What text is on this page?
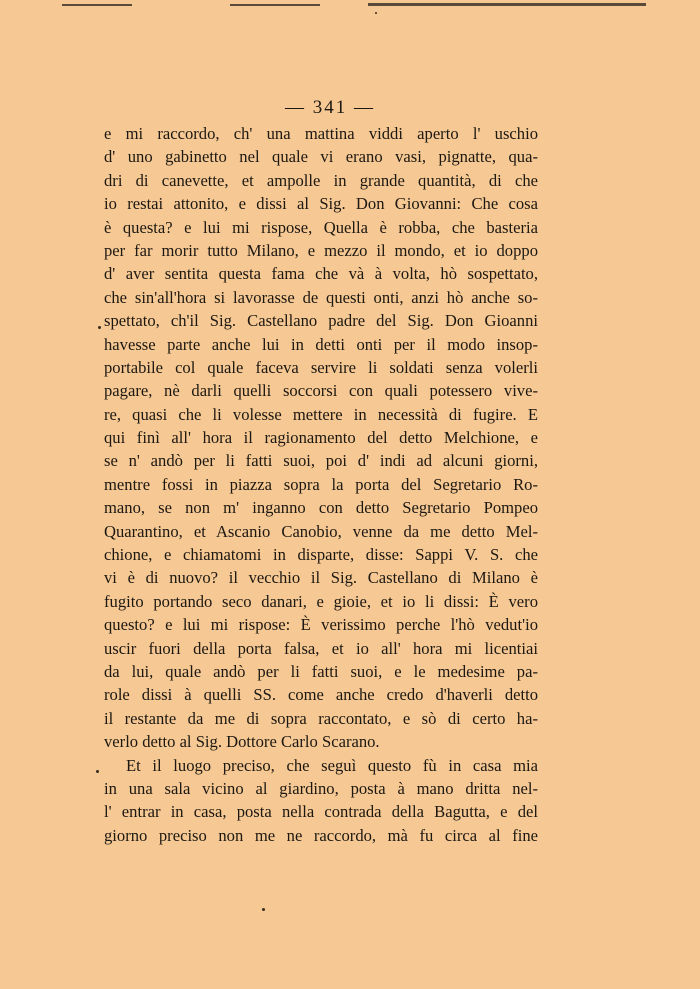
— 341 —
e mi raccordo, ch' una mattina viddi aperto l' uschio
d' uno gabinetto nel quale vi erano vasi, pignatte, qua-
dri di canevette, et ampolle in grande quantità, di che
io restai attonito, e dissi al Sig. Don Giovanni: Che cosa
è questa? e lui mi rispose, Quella è robba, che basteria
per far morir tutto Milano, e mezzo il mondo, et io doppo
d' aver sentita questa fama che và à volta, hò sospettato,
che sin'all'hora si lavorasse de questi onti, anzi hò anche so-
spettato, ch'il Sig. Castellano padre del Sig. Don Gioanni
havesse parte anche lui in detti onti per il modo insop-
portabile col quale faceva servire li soldati senza volerli
pagare, nè darli quelli soccorsi con quali potessero vive-
re, quasi che li volesse mettere in necessità di fugire. E
qui finì all' hora il ragionamento del detto Melchione, e
se n' andò per li fatti suoi, poi d' indi ad alcuni giorni,
mentre fossi in piazza sopra la porta del Segretario Ro-
mano, se non m' inganno con detto Segretario Pompeo
Quarantino, et Ascanio Canobio, venne da me detto Mel-
chione, e chiamatomi in disparte, disse: Sappi V. S. che
vi è di nuovo? il vecchio il Sig. Castellano di Milano è
fugito portando seco danari, e gioie, et io li dissi: È vero
questo? e lui mi rispose: È verissimo perche l'hò vedut'io
uscir fuori della porta falsa, et io all' hora mi licentiai
da lui, quale andò per li fatti suoi, e le medesime pa-
role dissi à quelli SS. come anche credo d'haverli detto
il restante da me di sopra raccontato, e sò di certo ha-
verlo detto al Sig. Dottore Carlo Scarano.
Et il luogo preciso, che seguì questo fù in casa mia
in una sala vicino al giardino, posta à mano dritta nel-
l' entrar in casa, posta nella contrada della Bagutta, e del
giorno preciso non me ne raccordo, mà fu circa al fine
